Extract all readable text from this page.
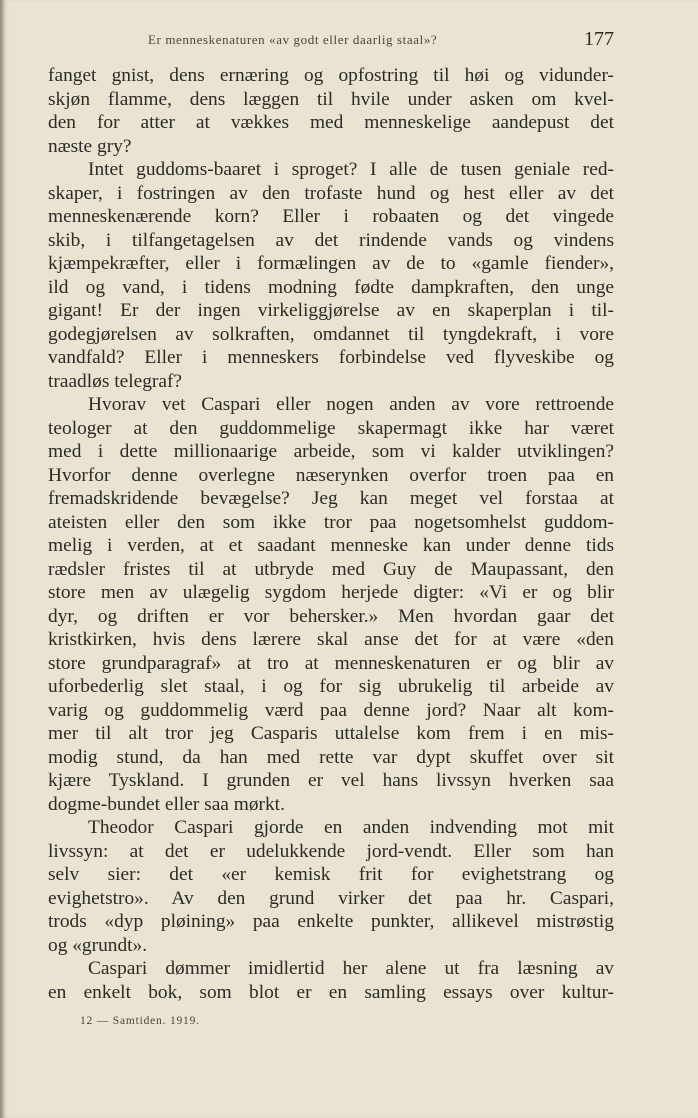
Er menneskenaturen «av godt eller daarlig staal»?	177
fanget gnist, dens ernæring og opfostring til høi og vidunder-
skjøn flamme, dens læggen til hvile under asken om kvel-
den for atter at vækkes med menneskelige aandepust det
næste gry?
Intet guddoms-baaret i sproget? I alle de tusen geniale red-
skaper, i fostringen av den trofaste hund og hest eller av det
menneskenærende korn? Eller i robaaten og det vingede
skib, i tilfangetagelsen av det rindende vands og vindens
kjæmpekræfter, eller i formælingen av de to «gamle fiender»,
ild og vand, i tidens modning fødte dampkraften, den unge
gigant! Er der ingen virkeliggjørelse av en skaperplan i til-
godegjørelsen av solkraften, omdannet til tyngdekraft, i vore
vandfald? Eller i menneskers forbindelse ved flyveskibe og
traadløs telegraf?
Hvorav vet Caspari eller nogen anden av vore rettroende
teologer at den guddommelige skapermagt ikke har været
med i dette millionaarige arbeide, som vi kalder utviklingen?
Hvorfor denne overlegne næserynken overfor troen paa en
fremadskridende bevægelse? Jeg kan meget vel forstaa at
ateisten eller den som ikke tror paa nogetsomhelst guddom-
melig i verden, at et saadant menneske kan under denne tids
rædsler fristes til at utbryde med Guy de Maupassant, den
store men av ulægelig sygdom herjede digter: «Vi er og blir
dyr, og driften er vor behersker.» Men hvordan gaar det
kristkirken, hvis dens lærere skal anse det for at være «den
store grundparagraf» at tro at menneskenaturen er og blir av
uforbederlig slet staal, i og for sig ubrukelig til arbeide av
varig og guddommelig værd paa denne jord? Naar alt kom-
mer til alt tror jeg Casparis uttalelse kom frem i en mis-
modig stund, da han med rette var dypt skuffet over sit
kjære Tyskland. I grunden er vel hans livssyn hverken saa
dogme-bundet eller saa mørkt.
Theodor Caspari gjorde en anden indvending mot mit
livssyn: at det er udelukkende jord-vendt. Eller som han
selv sier: det «er kemisk frit for evighetstrang og
evighetstro». Av den grund virker det paa hr. Caspari,
trods «dyp pløining» paa enkelte punkter, allikevel mistrøstig
og «grundt».
Caspari dømmer imidlertid her alene ut fra læsning av
en enkelt bok, som blot er en samling essays over kultur-
12 — Samtiden. 1919.
